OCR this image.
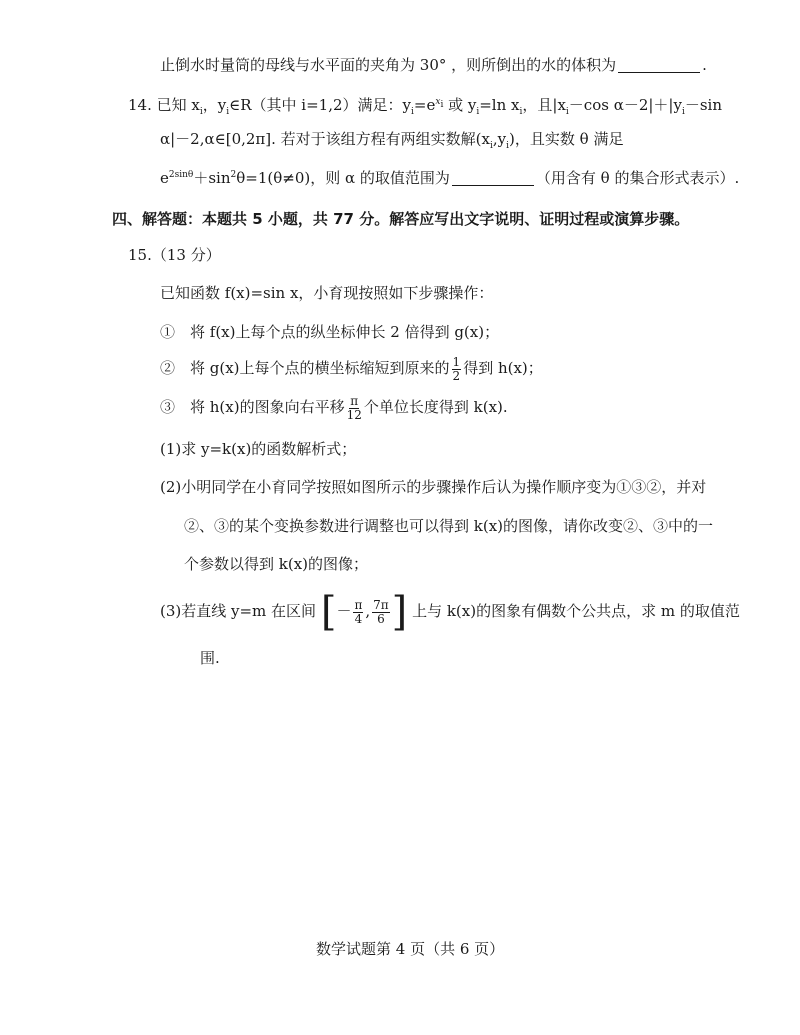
止倒水时量筒的母线与水平面的夹角为 30° ，则所倒出的水的体积为	.
14. 已知 $x_i$，$y_i\in R$（其中 i=1,2）满足：$y_i=e^{x_i}$ 或 $y_i=\ln$ $x_i$，且$|x_i-\cos$ $\alpha-2|+|y_i-\sin$
α|－2,α∈[0,2π]. 若对于该组方程有两组实数解$(x_i,y_i)$，且实数 θ 满足
$e^{2sin\theta}+\sin^2\theta=1(\theta\ne 0)$，则 α 的取值范围为	（用含有 θ 的集合形式表示）.
四、解答题：本题共 5 小题，共 77 分。解答应写出文字说明、证明过程或演算步骤。
15.（13 分）
已知函数 f(x)=sin x，小育现按照如下步骤操作：
①　将 f(x)上每个点的纵坐标伸长 2 倍得到 g(x)；
②　将 g(x)上每个点的横坐标缩短到原来的 $\frac{1}{2}$ 得到 h(x)；
③　将 h(x)的图象向右平移 $\frac{\pi}{12}$ 个单位长度得到 k(x).
(1)求 y=k(x)的函数解析式；
(2)小明同学在小育同学按照如图所示的步骤操作后认为操作顺序变为①③②，并对
②、③的某个变换参数进行调整也可以得到 k(x)的图像，请你改变②、③中的一
个参数以得到 k(x)的图像；
(3)若直线 y=m 在区间 [－ $\frac{\pi}{4}$ , $\frac{7\pi}{6}$ ] 上与 k(x)的图象有偶数个公共点，求 m 的取值范
围.
数学试题第 4 页（共 6 页）
